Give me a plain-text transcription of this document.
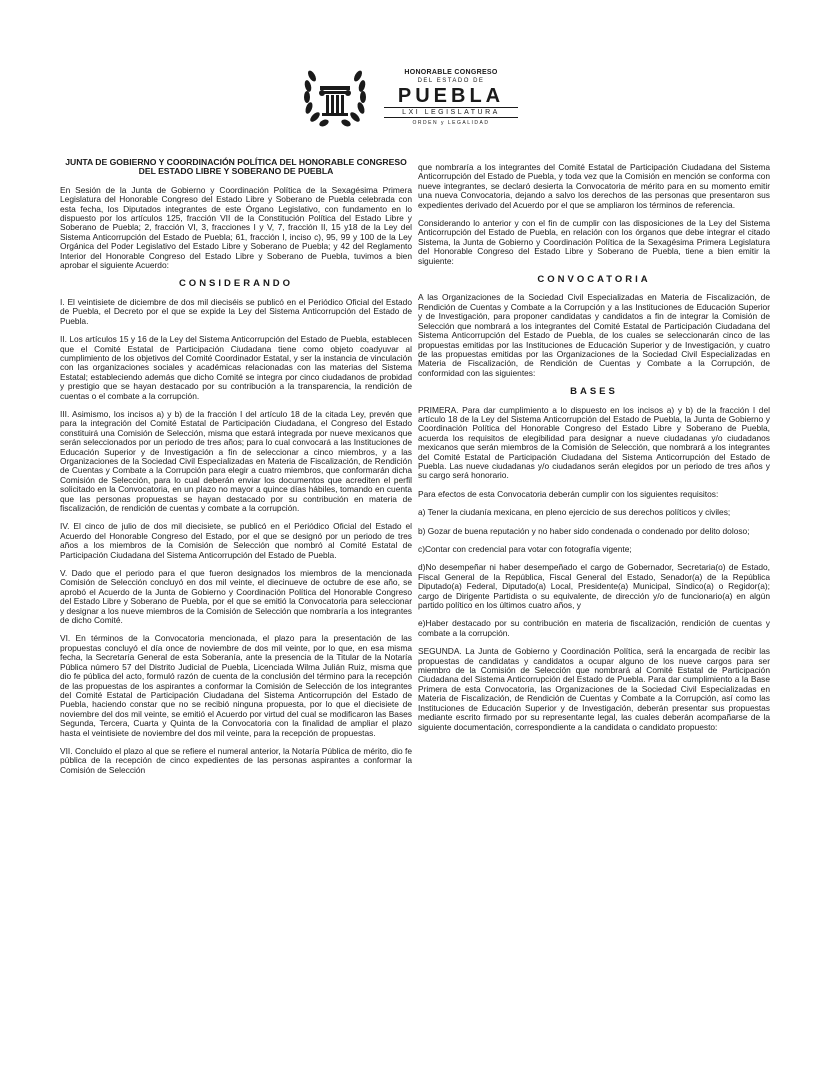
HONORABLE CONGRESO
DEL ESTADO DE
PUEBLA
LXI LEGISLATURA
ORDEN y LEGALIDAD

JUNTA DE GOBIERNO Y COORDINACIÓN POLÍTICA DEL HONORABLE CONGRESO DEL ESTADO LIBRE Y SOBERANO DE PUEBLA

En Sesión de la Junta de Gobierno y Coordinación Política de la Sexagésima Primera Legislatura del Honorable Congreso del Estado Libre y Soberano de Puebla celebrada con esta fecha, los Diputados integrantes de este Órgano Legislativo, con fundamento en lo dispuesto por los artículos 125, fracción VII de la Constitución Política del Estado Libre y Soberano de Puebla; 2, fracción VI, 3, fracciones I y V, 7, fracción II, 15 y18 de la Ley del Sistema Anticorrupción del Estado de Puebla; 61, fracción I, inciso c), 95, 99 y 100 de la Ley Orgánica del Poder Legislativo del Estado Libre y Soberano de Puebla; y 42 del Reglamento Interior del Honorable Congreso del Estado Libre y Soberano de Puebla, tuvimos a bien aprobar el siguiente Acuerdo:

CONSIDERANDO

I. El veintisiete de diciembre de dos mil dieciséis se publicó en el Periódico Oficial del Estado de Puebla, el Decreto por el que se expide la Ley del Sistema Anticorrupción del Estado de Puebla.

II. Los artículos 15 y 16 de la Ley del Sistema Anticorrupción del Estado de Puebla, establecen que el Comité Estatal de Participación Ciudadana tiene como objeto coadyuvar al cumplimiento de los objetivos del Comité Coordinador Estatal, y ser la instancia de vinculación con las organizaciones sociales y académicas relacionadas con las materias del Sistema Estatal; estableciendo además que dicho Comité se integra por cinco ciudadanos de probidad y prestigio que se hayan destacado por su contribución a la transparencia, la rendición de cuentas o el combate a la corrupción.

III. Asimismo, los incisos a) y b) de la fracción I del artículo 18 de la citada Ley, prevén que para la integración del Comité Estatal de Participación Ciudadana, el Congreso del Estado constituirá una Comisión de Selección, misma que estará integrada por nueve mexicanos que serán seleccionados por un periodo de tres años; para lo cual convocará a las Instituciones de Educación Superior y de Investigación a fin de seleccionar a cinco miembros, y a las Organizaciones de la Sociedad Civil Especializadas en Materia de Fiscalización, de Rendición de Cuentas y Combate a la Corrupción para elegir a cuatro miembros, que conformarán dicha Comisión de Selección, para lo cual deberán enviar los documentos que acrediten el perfil solicitado en la Convocatoria, en un plazo no mayor a quince días hábiles, tomando en cuenta que las personas propuestas se hayan destacado por su contribución en materia de fiscalización, de rendición de cuentas y combate a la corrupción.

IV. El cinco de julio de dos mil diecisiete, se publicó en el Periódico Oficial del Estado el Acuerdo del Honorable Congreso del Estado, por el que se designó por un periodo de tres años a los miembros de la Comisión de Selección que nombró al Comité Estatal de Participación Ciudadana del Sistema Anticorrupción del Estado de Puebla.

V. Dado que el periodo para el que fueron designados los miembros de la mencionada Comisión de Selección concluyó en dos mil veinte, el diecinueve de octubre de ese año, se aprobó el Acuerdo de la Junta de Gobierno y Coordinación Política del Honorable Congreso del Estado Libre y Soberano de Puebla, por el que se emitió la Convocatoria para seleccionar y designar a los nueve miembros de la Comisión de Selección que nombraría a los integrantes de dicho Comité.

VI. En términos de la Convocatoria mencionada, el plazo para la presentación de las propuestas concluyó el día once de noviembre de dos mil veinte, por lo que, en esa misma fecha, la Secretaría General de esta Soberanía, ante la presencia de la Titular de la Notaría Pública número 57 del Distrito Judicial de Puebla, Licenciada Wilma Julián Ruiz, misma que dio fe pública del acto, formuló razón de cuenta de la conclusión del término para la recepción de las propuestas de los aspirantes a conformar la Comisión de Selección de los integrantes del Comité Estatal de Participación Ciudadana del Sistema Anticorrupción del Estado de Puebla, haciendo constar que no se recibió ninguna propuesta, por lo que el diecisiete de noviembre del dos mil veinte, se emitió el Acuerdo por virtud del cual se modificaron las Bases Segunda, Tercera, Cuarta y Quinta de la Convocatoria con la finalidad de ampliar el plazo hasta el veintisiete de noviembre del dos mil veinte, para la recepción de propuestas.

VII. Concluido el plazo al que se refiere el numeral anterior, la Notaría Pública de mérito, dio fe pública de la recepción de cinco expedientes de las personas aspirantes a conformar la Comisión de Selección

que nombraría a los integrantes del Comité Estatal de Participación Ciudadana del Sistema Anticorrupción del Estado de Puebla, y toda vez que la Comisión en mención se conforma con nueve integrantes, se declaró desierta la Convocatoria de mérito para en su momento emitir una nueva Convocatoria, dejando a salvo los derechos de las personas que presentaron sus expedientes derivado del Acuerdo por el que se ampliaron los términos de referencia.

Considerando lo anterior y con el fin de cumplir con las disposiciones de la Ley del Sistema Anticorrupción del Estado de Puebla, en relación con los órganos que debe integrar el citado Sistema, la Junta de Gobierno y Coordinación Política de la Sexagésima Primera Legislatura del Honorable Congreso del Estado Libre y Soberano de Puebla, tiene a bien emitir la siguiente:

CONVOCATORIA

A las Organizaciones de la Sociedad Civil Especializadas en Materia de Fiscalización, de Rendición de Cuentas y Combate a la Corrupción y a las Instituciones de Educación Superior y de Investigación, para proponer candidatas y candidatos a fin de integrar la Comisión de Selección que nombrará a los integrantes del Comité Estatal de Participación Ciudadana del Sistema Anticorrupción del Estado de Puebla, de los cuales se seleccionarán cinco de las propuestas emitidas por las Instituciones de Educación Superior y de Investigación, y cuatro de las propuestas emitidas por las Organizaciones de la Sociedad Civil Especializadas en Materia de Fiscalización, de Rendición de Cuentas y Combate a la Corrupción, de conformidad con las siguientes:

BASES

PRIMERA. Para dar cumplimiento a lo dispuesto en los incisos a) y b) de la fracción I del artículo 18 de la Ley del Sistema Anticorrupción del Estado de Puebla, la Junta de Gobierno y Coordinación Política del Honorable Congreso del Estado Libre y Soberano de Puebla, acuerda los requisitos de elegibilidad para designar a nueve ciudadanas y/o ciudadanos mexicanos que serán miembros de la Comisión de Selección, que nombrará a los integrantes del Comité Estatal de Participación Ciudadana del Sistema Anticorrupción del Estado de Puebla. Las nueve ciudadanas y/o ciudadanos serán elegidos por un periodo de tres años y su cargo será honorario.

Para efectos de esta Convocatoria deberán cumplir con los siguientes requisitos:

a) Tener la ciudanía mexicana, en pleno ejercicio de sus derechos políticos y civiles;

b) Gozar de buena reputación y no haber sido condenada o condenado por delito doloso;

c)Contar con credencial para votar con fotografía vigente;

d)No desempeñar ni haber desempeñado el cargo de Gobernador, Secretaria(o) de Estado, Fiscal General de la República, Fiscal General del Estado, Senador(a) de la República Diputado(a) Federal, Diputado(a) Local, Presidente(a) Municipal, Síndico(a) o Regidor(a); cargo de Dirigente Partidista o su equivalente, de dirección y/o de funcionario(a) en algún partido político en los últimos cuatro años, y

e)Haber destacado por su contribución en materia de fiscalización, rendición de cuentas y combate a la corrupción.

SEGUNDA. La Junta de Gobierno y Coordinación Política, será la encargada de recibir las propuestas de candidatas y candidatos a ocupar alguno de los nueve cargos para ser miembro de la Comisión de Selección que nombrará al Comité Estatal de Participación Ciudadana del Sistema Anticorrupción del Estado de Puebla. Para dar cumplimiento a la Base Primera de esta Convocatoria, las Organizaciones de la Sociedad Civil Especializadas en Materia de Fiscalización, de Rendición de Cuentas y Combate a la Corrupción, así como las Instituciones de Educación Superior y de Investigación, deberán presentar sus propuestas mediante escrito firmado por su representante legal, las cuales deberán acompañarse de la siguiente documentación, correspondiente a la candidata o candidato propuesto:
